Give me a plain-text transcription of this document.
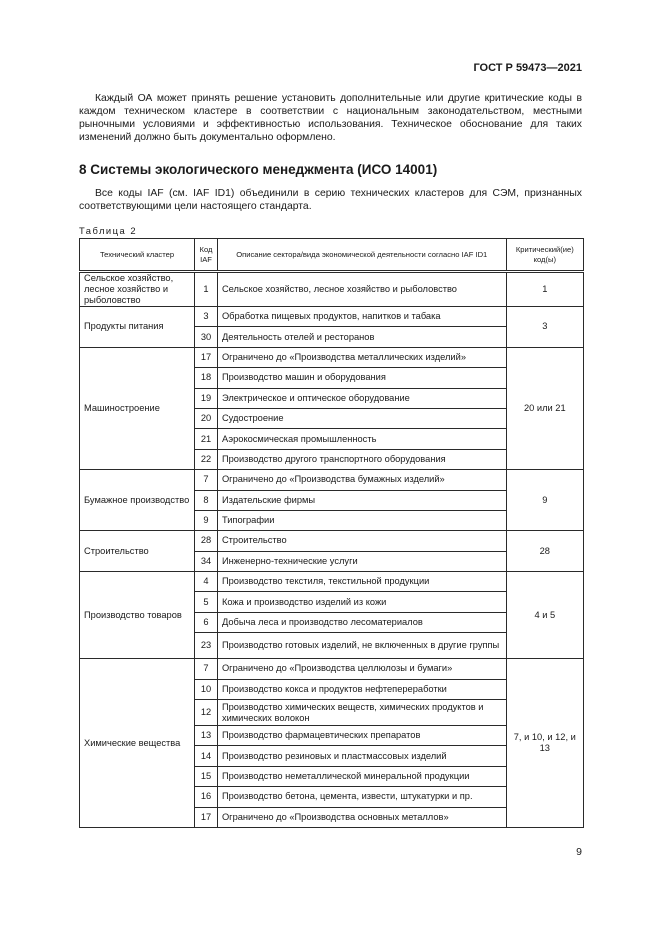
ГОСТ Р 59473—2021

Каждый ОА может принять решение установить дополнительные или другие критические коды в каждом техническом кластере в соответствии с национальным законодательством, местными рыночными условиями и эффективностью использования. Техническое обоснование для таких изменений должно быть документально оформлено.

8 Системы экологического менеджмента (ИСО 14001)

Все коды IAF (см. IAF ID1) объединили в серию технических кластеров для СЭМ, признанных соответствующими цели настоящего стандарта.

Таблица 2
Технический кластер	Код IAF	Описание сектора/вида экономической деятельности согласно IAF ID1	Критический(ие) код(ы)

Сельское хозяйство, лесное хозяйство и рыболовство	1	Сельское хозяйство, лесное хозяйство и рыболовство	1
Продукты питания	3	Обработка пищевых продуктов, напитков и табака	3
	30	Деятельность отелей и ресторанов	
Машиностроение	17	Ограничено до «Производства металлических изделий»	20 или 21
	18	Производство машин и оборудования	
	19	Электрическое и оптическое оборудование	
	20	Судостроение	
	21	Аэрокосмическая промышленность	
	22	Производство другого транспортного оборудования	
Бумажное производство	7	Ограничено до «Производства бумажных изделий»	9
	8	Издательские фирмы	
	9	Типографии	
Строительство	28	Строительство	28
	34	Инженерно-технические услуги	
Производство товаров	4	Производство текстиля, текстильной продукции	4 и 5
	5	Кожа и производство изделий из кожи	
	6	Добыча леса и производство лесоматериалов	
	23	Производство готовых изделий, не включенных в другие группы	
Химические вещества	7	Ограничено до «Производства целлюлозы и бумаги»	7, и 10, и 12, и 13
	10	Производство кокса и продуктов нефтепереработки	
	12	Производство химических веществ, химических продуктов и химических волокон	
	13	Производство фармацевтических препаратов	
	14	Производство резиновых и пластмассовых изделий	
	15	Производство неметаллической минеральной продукции	
	16	Производство бетона, цемента, извести, штукатурки и пр.	
	17	Ограничено до «Производства основных металлов»	
9
